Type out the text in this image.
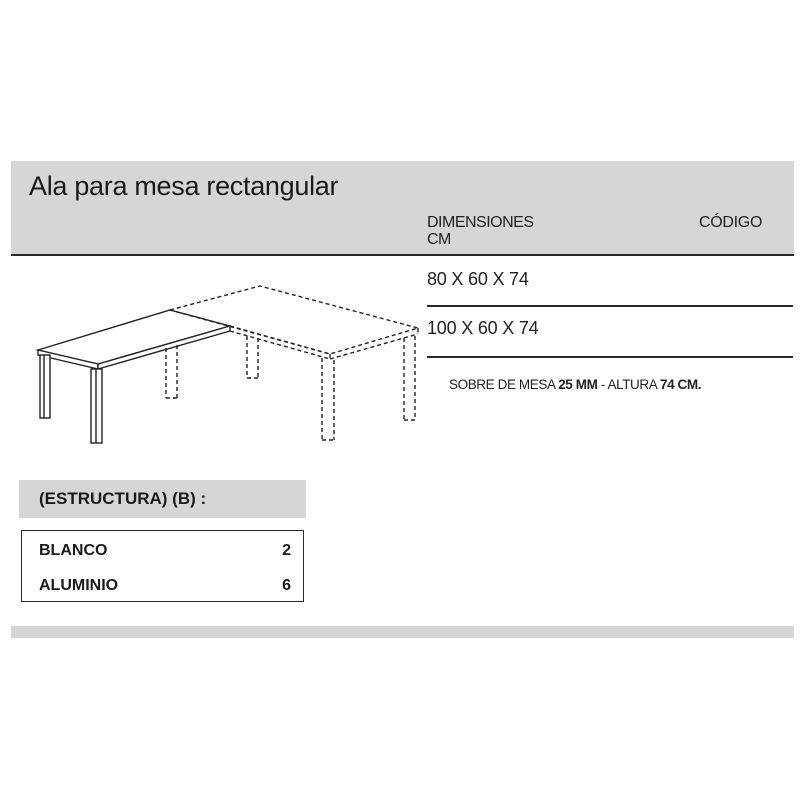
Ala para mesa rectangular
DIMENSIONES
CM
CÓDIGO
80 X 60 X 74
100 X 60 X 74
SOBRE DE MESA 25 MM - ALTURA 74 CM.
(ESTRUCTURA) (B) :
BLANCO	2
ALUMINIO	6
